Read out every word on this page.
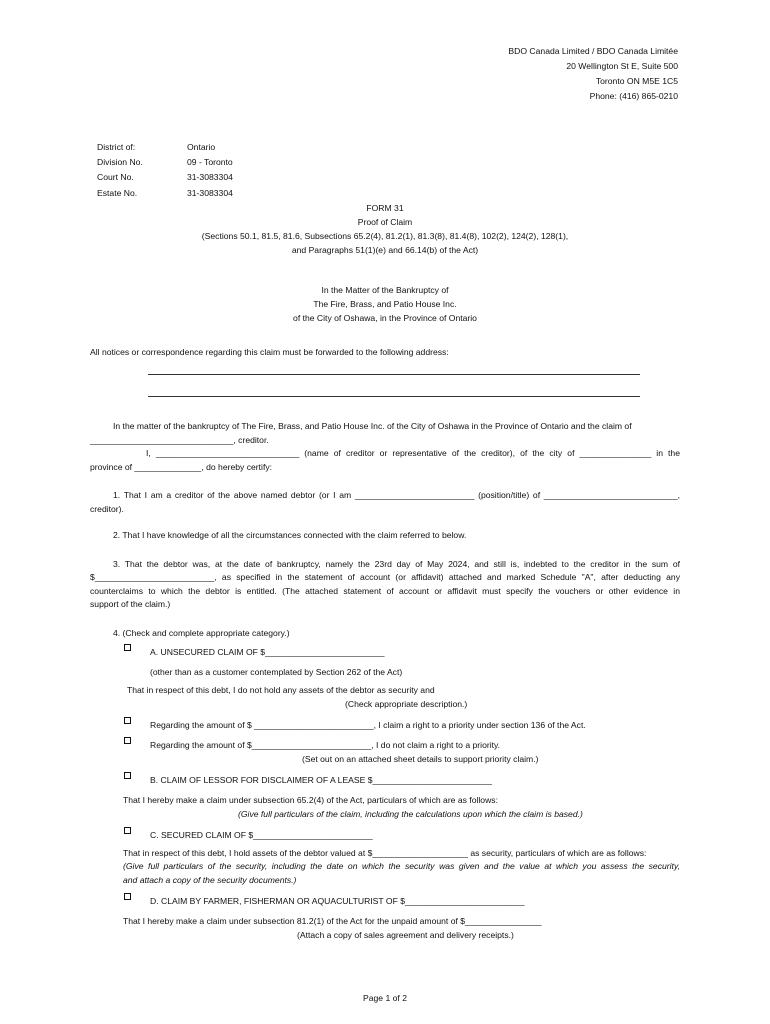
BDO Canada Limited / BDO Canada Limitée
20 Wellington St E, Suite 500
Toronto ON M5E 1C5
Phone: (416) 865-0210
District of:	Ontario
Division No.	09 - Toronto
Court No.	31-3083304
Estate No.	31-3083304
FORM 31
Proof of Claim
(Sections 50.1, 81.5, 81.6, Subsections 65.2(4), 81.2(1), 81.3(8), 81.4(8), 102(2), 124(2), 128(1),
and Paragraphs 51(1)(e) and 66.14(b) of the Act)
In the Matter of the Bankruptcy of
The Fire, Brass, and Patio House Inc.
of the City of Oshawa, in the Province of Ontario
All notices or correspondence regarding this claim must be forwarded to the following address:
In the matter of the bankruptcy of The Fire, Brass, and Patio House Inc. of the City of Oshawa in the Province of Ontario and the claim of
______________________________, creditor.
I, ______________________________ (name of creditor or representative of the creditor), of the city of _______________ in the
province of ______________, do hereby certify:
1. That I am a creditor of the above named debtor (or I am _________________________ (position/title) of ____________________________,
creditor).
2. That I have knowledge of all the circumstances connected with the claim referred to below.
3. That the debtor was, at the date of bankruptcy, namely the 23rd day of May 2024, and still is, indebted to the creditor in the sum of
$_________________________, as specified in the statement of account (or affidavit) attached and marked Schedule "A", after deducting any
counterclaims to which the debtor is entitled. (The attached statement of account or affidavit must specify the vouchers or other evidence in
support of the claim.)
4. (Check and complete appropriate category.)
A. UNSECURED CLAIM OF $_________________________
(other than as a customer contemplated by Section 262 of the Act)
That in respect of this debt, I do not hold any assets of the debtor as security and
(Check appropriate description.)
Regarding the amount of $ _________________________, I claim a right to a priority under section 136 of the Act.
Regarding the amount of $_________________________, I do not claim a right to a priority.
(Set out on an attached sheet details to support priority claim.)
B. CLAIM OF LESSOR FOR DISCLAIMER OF A LEASE $_________________________
That I hereby make a claim under subsection 65.2(4) of the Act, particulars of which are as follows:
(Give full particulars of the claim, including the calculations upon which the claim is based.)
C. SECURED CLAIM OF $_________________________
That in respect of this debt, I hold assets of the debtor valued at $____________________ as security, particulars of which are as follows:
(Give full particulars of the security, including the date on which the security was given and the value at which you assess the security,
and attach a copy of the security documents.)
D. CLAIM BY FARMER, FISHERMAN OR AQUACULTURIST OF $_________________________
That I hereby make a claim under subsection 81.2(1) of the Act for the unpaid amount of $________________
(Attach a copy of sales agreement and delivery receipts.)
Page 1 of 2
